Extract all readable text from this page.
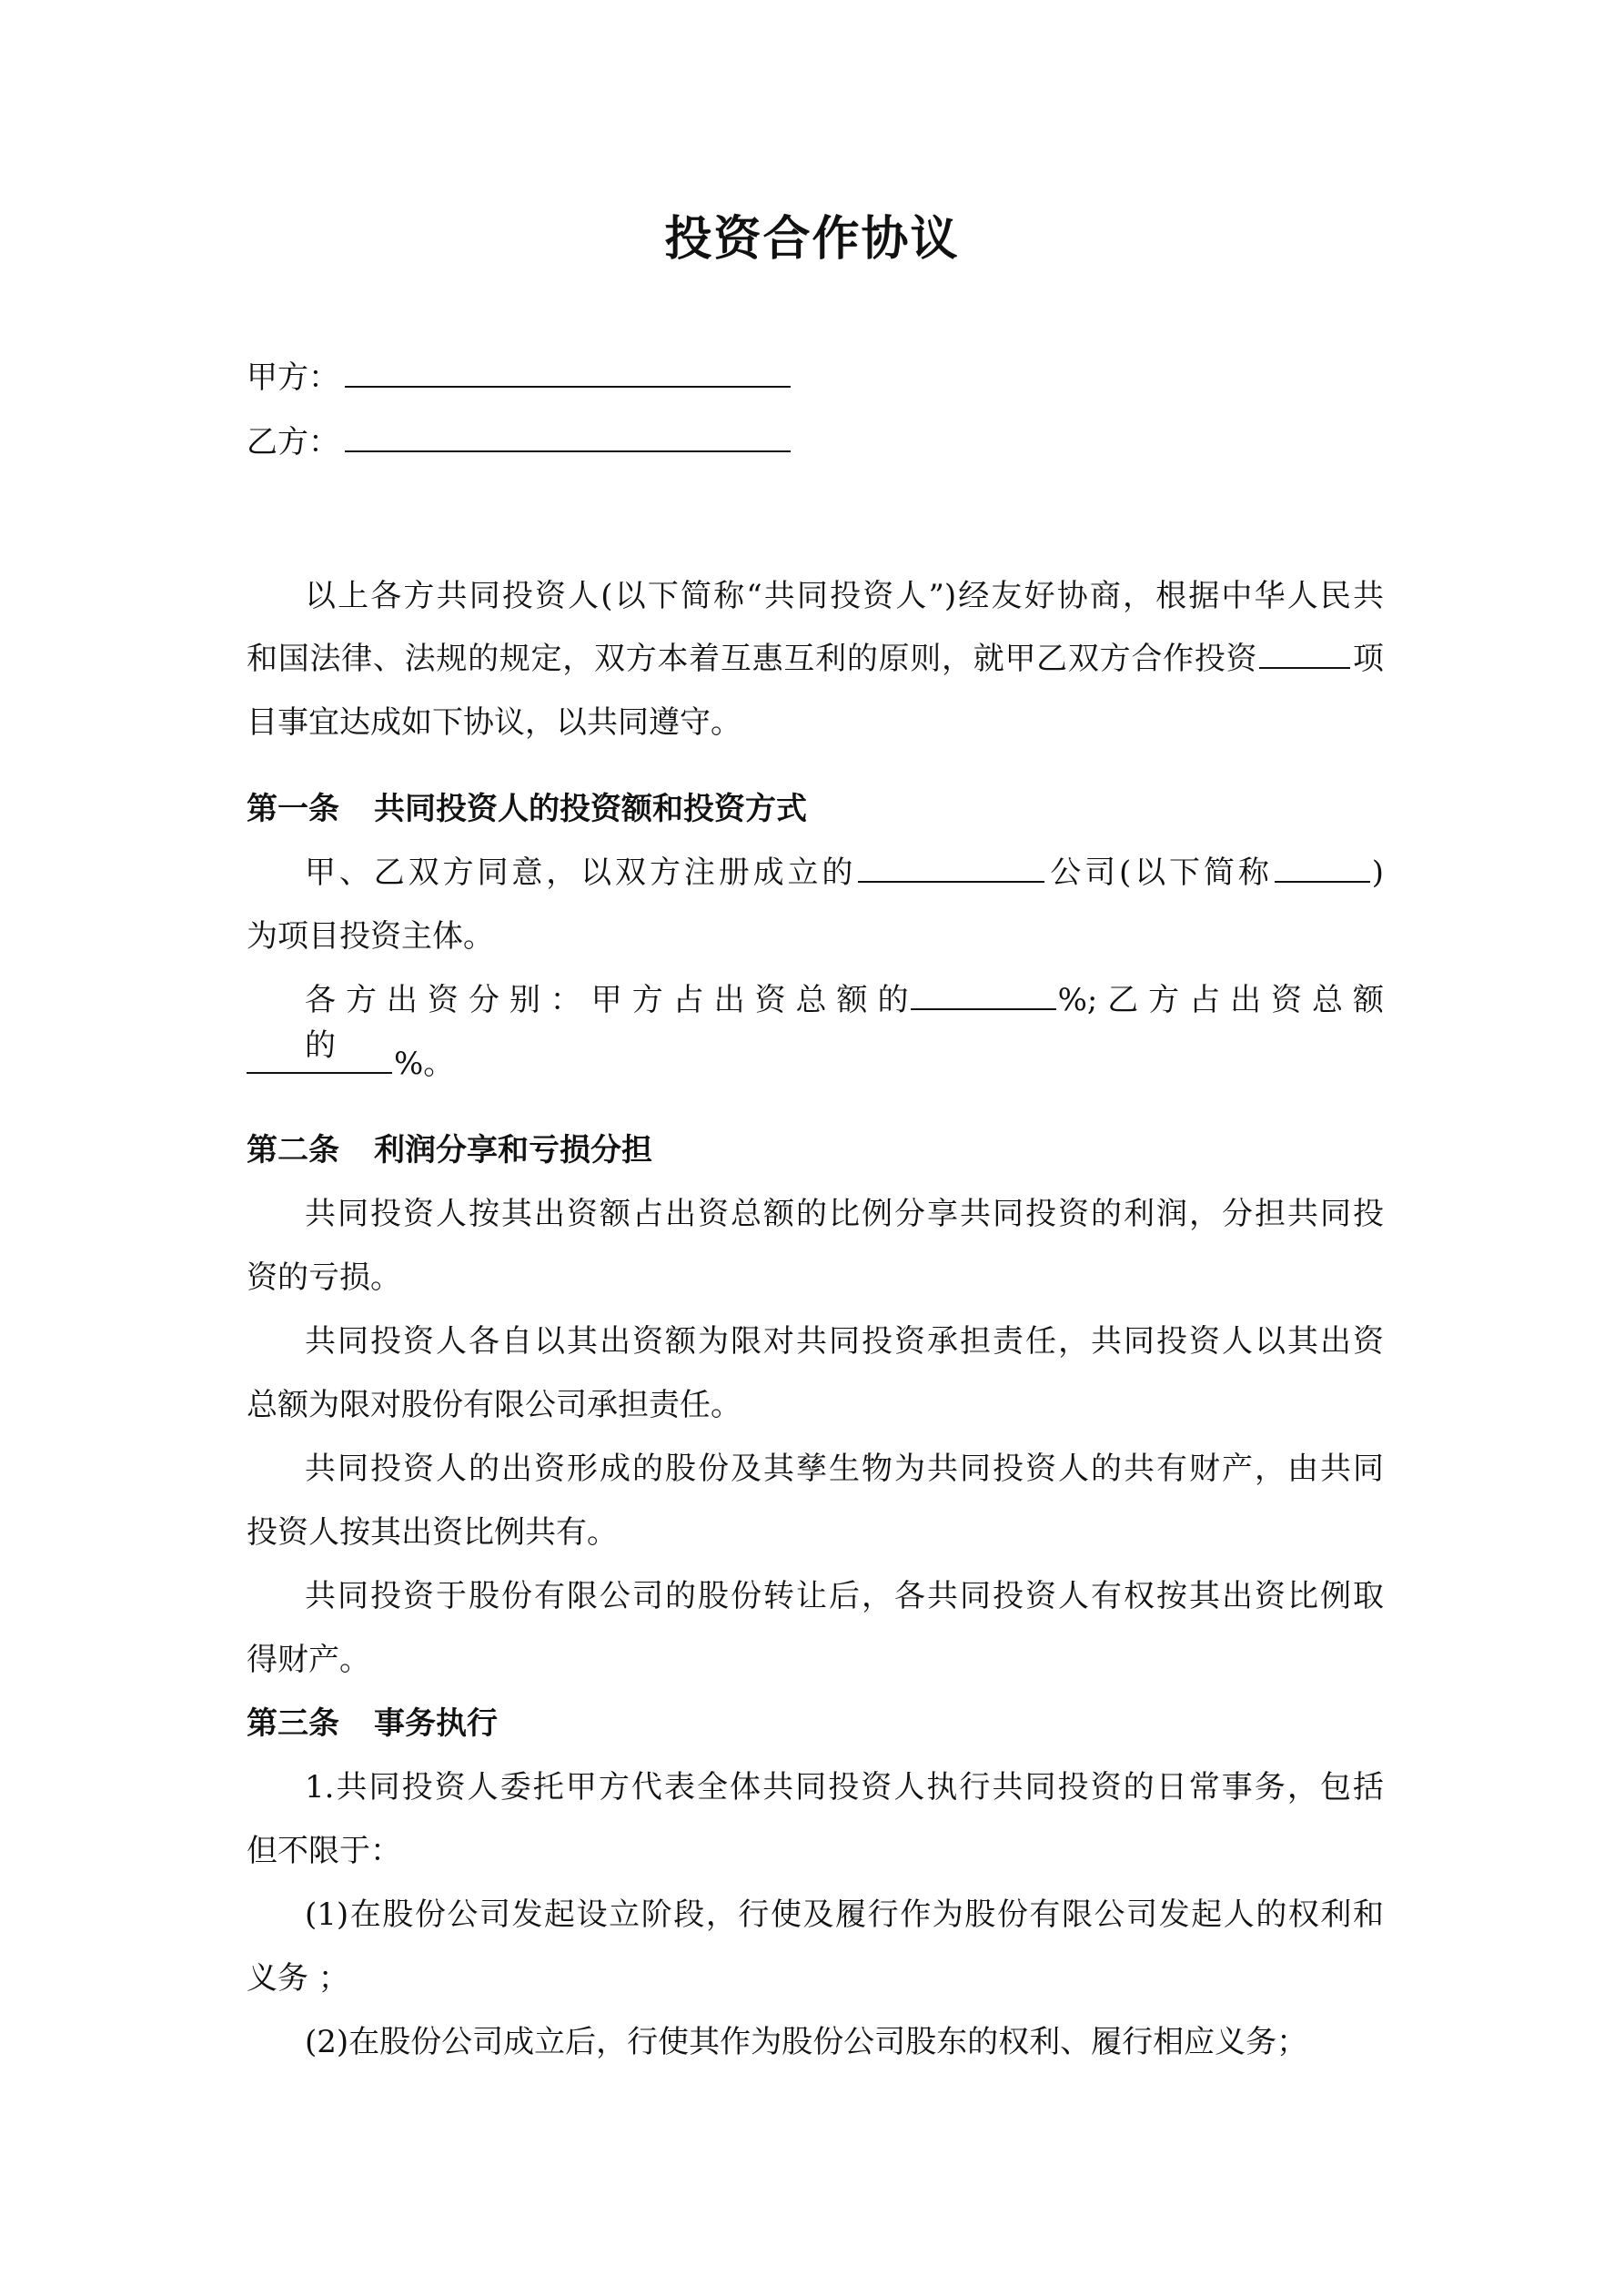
投资合作协议
甲方：
乙方：
以上各方共同投资人(以下简称“共同投资人”)经友好协商，根据中华人民共
和国法律、法规的规定，双方本着互惠互利的原则，就甲乙双方合作投资	项
目事宜达成如下协议，以共同遵守。
第一条 共同投资人的投资额和投资方式
甲、乙双方同意，以双方注册成立的	公司(以下简称	)
为项目投资主体。
各 方 出 资 分 别 ： 甲 方 占 出 资 总 额 的	%; 乙 方 占 出 资 总 额 的	%。
第二条 利润分享和亏损分担
共同投资人按其出资额占出资总额的比例分享共同投资的利润，分担共同投
资的亏损。
共同投资人各自以其出资额为限对共同投资承担责任，共同投资人以其出资
总额为限对股份有限公司承担责任。
共同投资人的出资形成的股份及其孳生物为共同投资人的共有财产，由共同
投资人按其出资比例共有。
共同投资于股份有限公司的股份转让后，各共同投资人有权按其出资比例取
得财产。
第三条 事务执行
1.共同投资人委托甲方代表全体共同投资人执行共同投资的日常事务，包括
但不限于：
(1)在股份公司发起设立阶段，行使及履行作为股份有限公司发起人的权利和
义务 ；
(2)在股份公司成立后，行使其作为股份公司股东的权利、履行相应义务；
